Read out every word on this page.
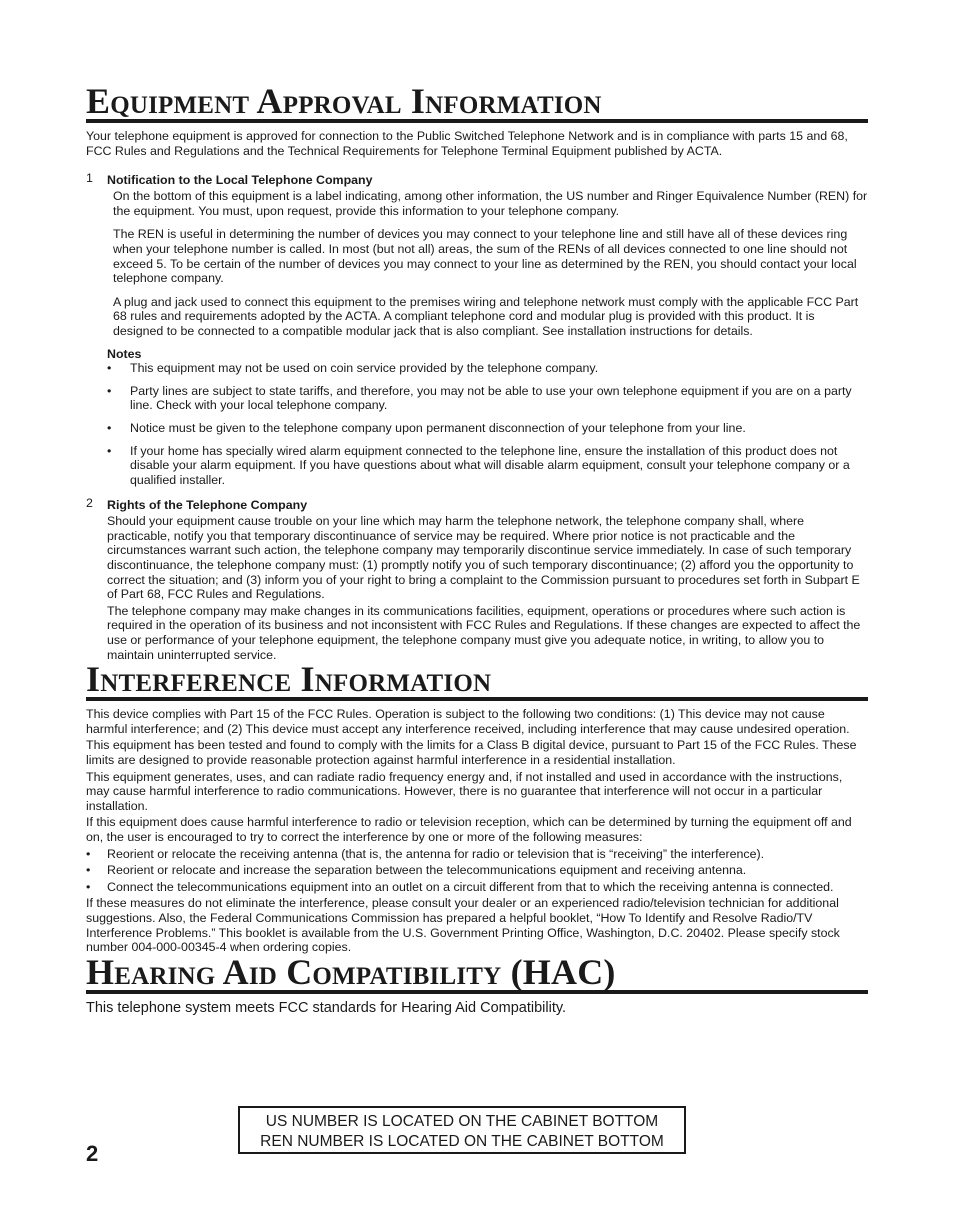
Equipment Approval Information

Your telephone equipment is approved for connection to the Public Switched Telephone Network and is in compliance with parts 15 and 68, FCC Rules and Regulations and the Technical Requirements for Telephone Terminal Equipment published by ACTA.

1 Notification to the Local Telephone Company

On the bottom of this equipment is a label indicating, among other information, the US number and Ringer Equivalence Number (REN) for the equipment. You must, upon request, provide this information to your telephone company.

The REN is useful in determining the number of devices you may connect to your telephone line and still have all of these devices ring when your telephone number is called. In most (but not all) areas, the sum of the RENs of all devices connected to one line should not exceed 5. To be certain of the number of devices you may connect to your line as determined by the REN, you should contact your local telephone company.

A plug and jack used to connect this equipment to the premises wiring and telephone network must comply with the applicable FCC Part 68 rules and requirements adopted by the ACTA. A compliant telephone cord and modular plug is provided with this product. It is designed to be connected to a compatible modular jack that is also compliant. See installation instructions for details.

Notes
• This equipment may not be used on coin service provided by the telephone company.
• Party lines are subject to state tariffs, and therefore, you may not be able to use your own telephone equipment if you are on a party line. Check with your local telephone company.
• Notice must be given to the telephone company upon permanent disconnection of your telephone from your line.
• If your home has specially wired alarm equipment connected to the telephone line, ensure the installation of this product does not disable your alarm equipment. If you have questions about what will disable alarm equipment, consult your telephone company or a qualified installer.
2 Rights of the Telephone Company

Should your equipment cause trouble on your line which may harm the telephone network, the telephone company shall, where practicable, notify you that temporary discontinuance of service may be required. Where prior notice is not practicable and the circumstances warrant such action, the telephone company may temporarily discontinue service immediately. In case of such temporary discontinuance, the telephone company must: (1) promptly notify you of such temporary discontinuance; (2) afford you the opportunity to correct the situation; and (3) inform you of your right to bring a complaint to the Commission pursuant to procedures set forth in Subpart E of Part 68, FCC Rules and Regulations.

The telephone company may make changes in its communications facilities, equipment, operations or procedures where such action is required in the operation of its business and not inconsistent with FCC Rules and Regulations. If these changes are expected to affect the use or performance of your telephone equipment, the telephone company must give you adequate notice, in writing, to allow you to maintain uninterrupted service.

Interference Information

This device complies with Part 15 of the FCC Rules. Operation is subject to the following two conditions: (1) This device may not cause harmful interference; and (2) This device must accept any interference received, including interference that may cause undesired operation.

This equipment has been tested and found to comply with the limits for a Class B digital device, pursuant to Part 15 of the FCC Rules. These limits are designed to provide reasonable protection against harmful interference in a residential installation.

This equipment generates, uses, and can radiate radio frequency energy and, if not installed and used in accordance with the instructions, may cause harmful interference to radio communications. However, there is no guarantee that interference will not occur in a particular installation.

If this equipment does cause harmful interference to radio or television reception, which can be determined by turning the equipment off and on, the user is encouraged to try to correct the interference by one or more of the following measures:

• Reorient or relocate the receiving antenna (that is, the antenna for radio or television that is “receiving” the interference).
• Reorient or relocate and increase the separation between the telecommunications equipment and receiving antenna.
• Connect the telecommunications equipment into an outlet on a circuit different from that to which the receiving antenna is connected.

If these measures do not eliminate the interference, please consult your dealer or an experienced radio/television technician for additional suggestions. Also, the Federal Communications Commission has prepared a helpful booklet, “How To Identify and Resolve Radio/TV Interference Problems.” This booklet is available from the U.S. Government Printing Office, Washington, D.C. 20402. Please specify stock number 004-000-00345-4 when ordering copies.

Hearing Aid Compatibility (HAC)

This telephone system meets FCC standards for Hearing Aid Compatibility.

US NUMBER IS LOCATED ON THE CABINET BOTTOM
REN NUMBER IS LOCATED ON THE CABINET BOTTOM
2
